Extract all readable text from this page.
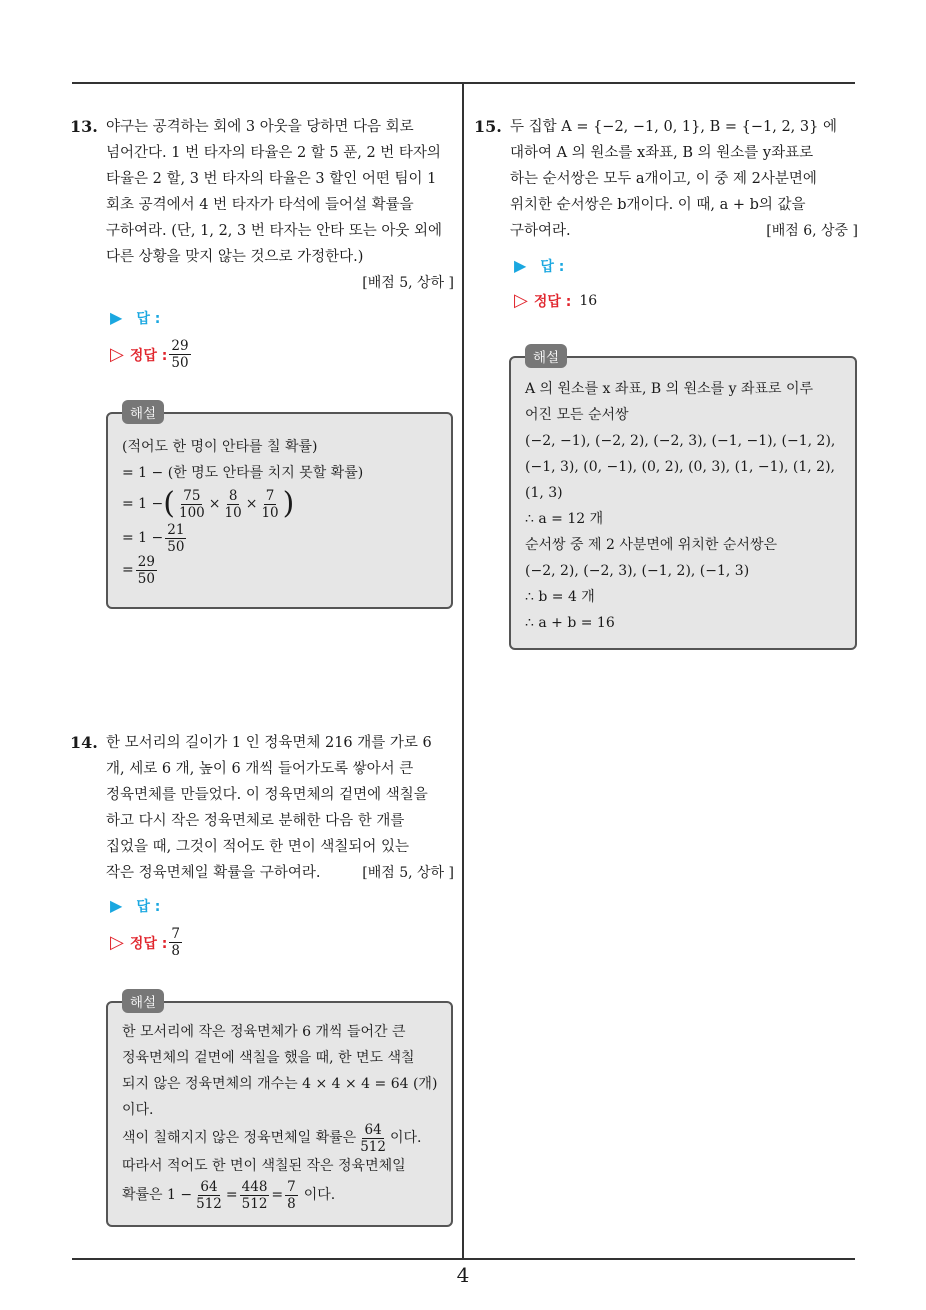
13. 야구는 공격하는 회에 3 아웃을 당하면 다음 회로
넘어간다. 1 번 타자의 타율은 2 할 5 푼, 2 번 타자의
타율은 2 할, 3 번 타자의 타율은 3 할인 어떤 팀이 1
회초 공격에서 4 번 타자가 타석에 들어설 확률을
구하여라. (단, 1, 2, 3 번 타자는 안타 또는 아웃 외에
다른 상황을 맞지 않는 것으로 가정한다.)

[배점 5, 상하 ]
▶ 답 :
▷ 정답 : $\frac{29}{50}$
해설
(적어도 한 명이 안타를 칠 확률)
= 1 − (한 명도 안타를 치지 못할 확률)
= 1 − ( $\frac{75}{100} \times \frac{8}{10} \times \frac{7}{10}$ )
= $1 - \frac{21}{50}$
= $\frac{29}{50}$
14. 한 모서리의 길이가 1 인 정육면체 216 개를 가로 6
개, 세로 6 개, 높이 6 개씩 들어가도록 쌓아서 큰
정육면체를 만들었다. 이 정육면체의 겉면에 색칠을
하고 다시 작은 정육면체로 분해한 다음 한 개를
집었을 때, 그것이 적어도 한 면이 색칠되어 있는
작은 정육면체일 확률을 구하여라.	[배점 5, 상하 ]

▶ 답 :
▷ 정답 : $\frac{7}{8}$
해설
한 모서리에 작은 정육면체가 6 개씩 들어간 큰
정육면체의 겉면에 색칠을 했을 때, 한 면도 색칠
되지 않은 정육면체의 개수는 4 × 4 × 4 = 64 (개)
이다.
색이 칠해지지 않은 정육면체일 확률은 $\frac{64}{512}$ 이다.
따라서 적어도 한 면이 색칠된 작은 정육면체일
확률은 $1 - \frac{64}{512} = \frac{448}{512} = \frac{7}{8}$ 이다.
15. 두 집합 A = {−2, −1, 0, 1}, B = {−1, 2, 3} 에
대하여 A 의 원소를 x좌표, B 의 원소를 y좌표로
하는 순서쌍은 모두 a개이고, 이 중 제 2사분면에
위치한 순서쌍은 b개이다. 이 때, a + b의 값을
구하여라.	[배점 6, 상중 ]

▶ 답 :
▷ 정답 : 16
해설
A 의 원소를 x 좌표, B 의 원소를 y 좌표로 이루
어진 모든 순서쌍
(−2, −1), (−2, 2), (−2, 3), (−1, −1), (−1, 2),
(−1, 3), (0, −1), (0, 2), (0, 3), (1, −1), (1, 2),
(1, 3)
∴ a = 12 개
순서쌍 중 제 2 사분면에 위치한 순서쌍은
(−2, 2), (−2, 3), (−1, 2), (−1, 3)
∴ b = 4 개
∴ a + b = 16
4
